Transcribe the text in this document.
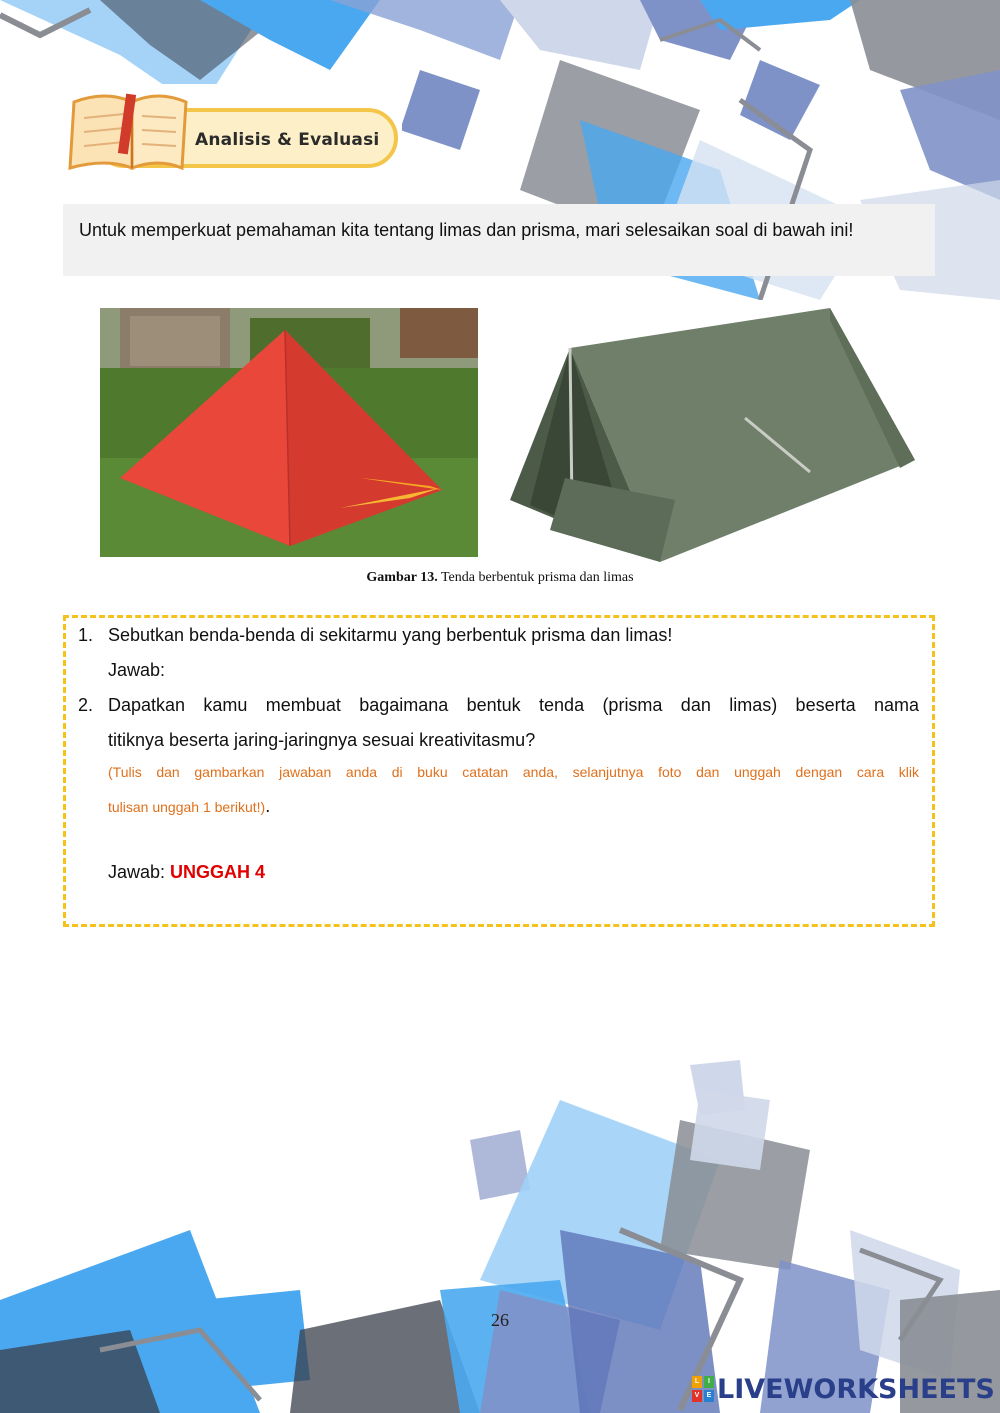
Analisis & Evaluasi
Untuk memperkuat pemahaman kita tentang limas dan prisma, mari selesaikan soal di bawah ini!
Gambar 13. Tenda berbentuk prisma dan limas
1. Sebutkan benda-benda di sekitarmu yang berbentuk prisma dan limas!
Jawab:
2. Dapatkan kamu membuat bagaimana bentuk tenda (prisma dan limas) beserta nama
titiknya beserta jaring-jaringnya sesuai kreativitasmu?
(Tulis dan gambarkan jawaban anda di buku catatan anda, selanjutnya foto dan unggah dengan cara klik
tulisan unggah 1 berikut!).
Jawab: UNGGAH 4
26
L	I
V	E LIVEWORKSHEETS
